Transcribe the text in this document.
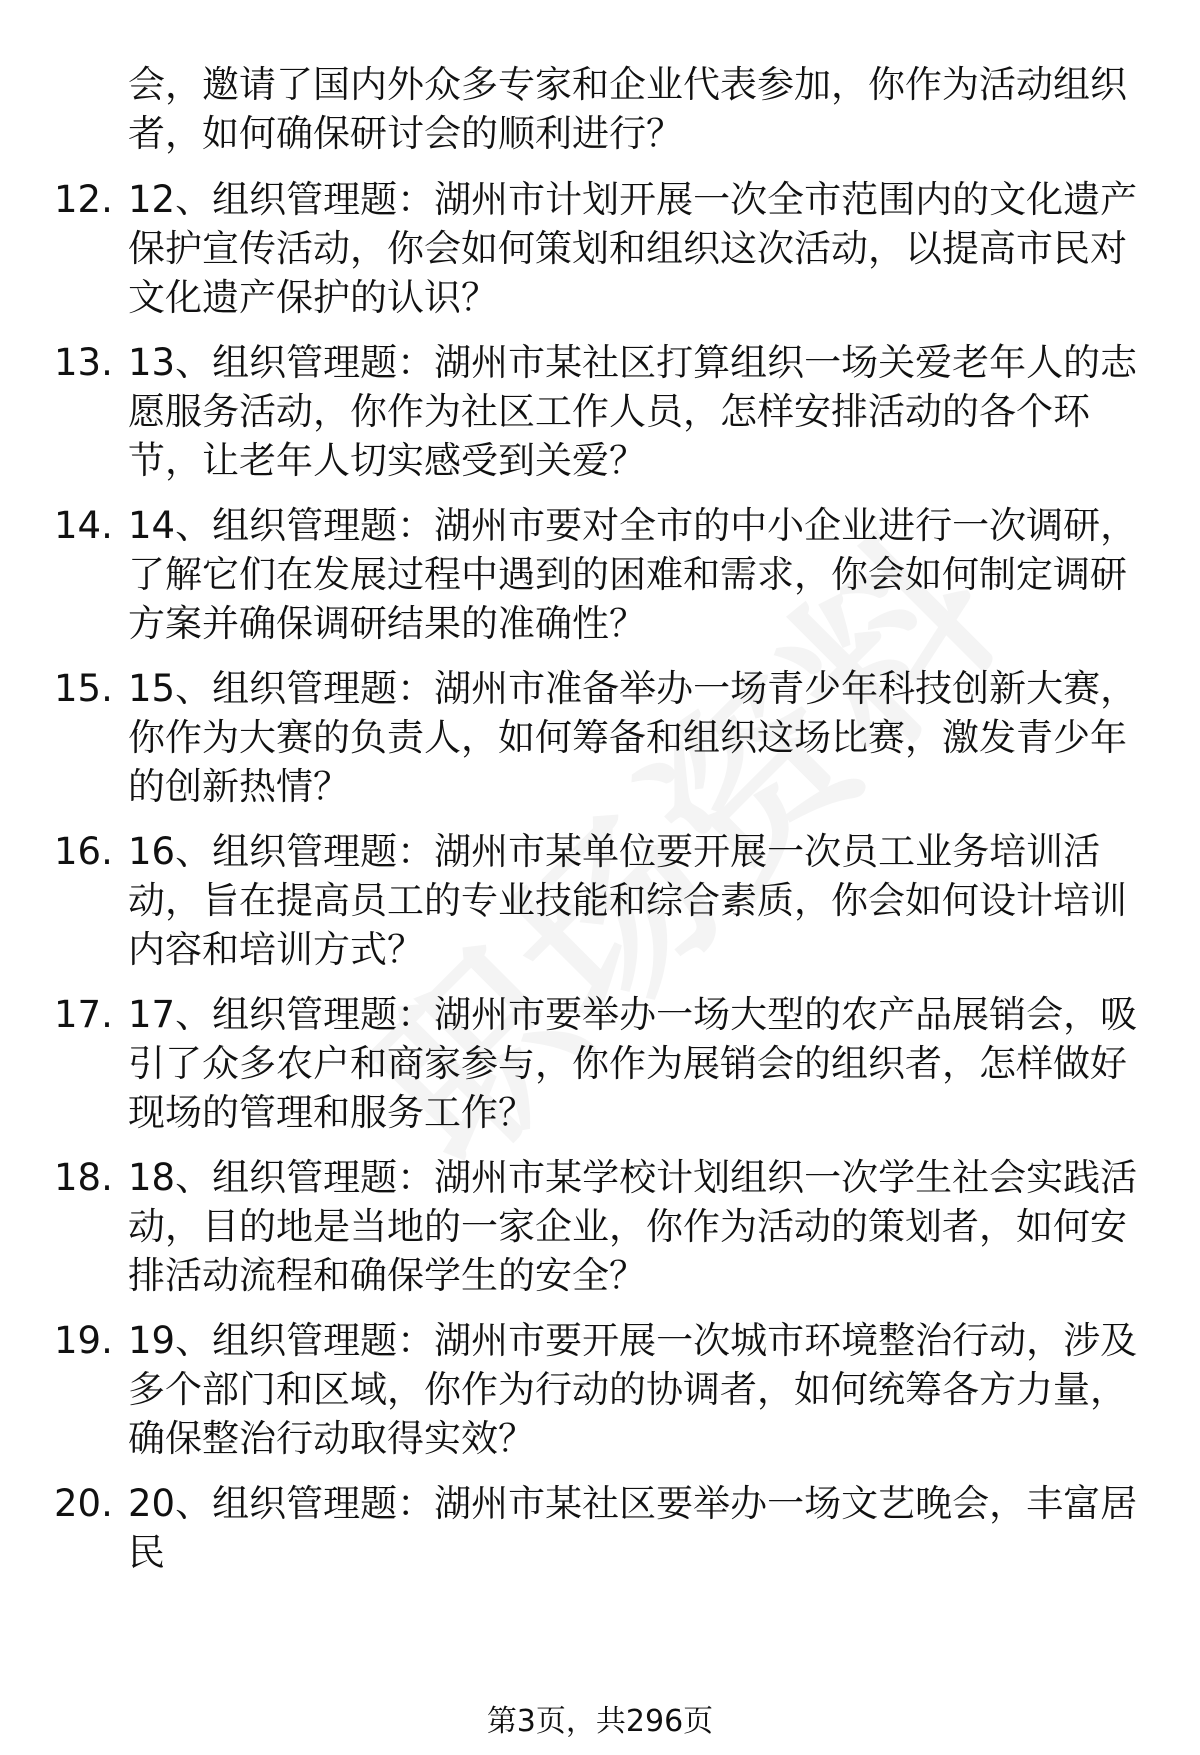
会，邀请了国内外众多专家和企业代表参加，你作为活动组织者，如何确保研讨会的顺利进行？
12. 12、组织管理题：湖州市计划开展一次全市范围内的文化遗产保护宣传活动，你会如何策划和组织这次活动，以提高市民对文化遗产保护的认识？
13. 13、组织管理题：湖州市某社区打算组织一场关爱老年人的志愿服务活动，你作为社区工作人员，怎样安排活动的各个环节，让老年人切实感受到关爱？
14. 14、组织管理题：湖州市要对全市的中小企业进行一次调研，了解它们在发展过程中遇到的困难和需求，你会如何制定调研方案并确保调研结果的准确性？
15. 15、组织管理题：湖州市准备举办一场青少年科技创新大赛，你作为大赛的负责人，如何筹备和组织这场比赛，激发青少年的创新热情？
16. 16、组织管理题：湖州市某单位要开展一次员工业务培训活动，旨在提高员工的专业技能和综合素质，你会如何设计培训内容和培训方式？
17. 17、组织管理题：湖州市要举办一场大型的农产品展销会，吸引了众多农户和商家参与，你作为展销会的组织者，怎样做好现场的管理和服务工作？
18. 18、组织管理题：湖州市某学校计划组织一次学生社会实践活动，目的地是当地的一家企业，你作为活动的策划者，如何安排活动流程和确保学生的安全？
19. 19、组织管理题：湖州市要开展一次城市环境整治行动，涉及多个部门和区域，你作为行动的协调者，如何统筹各方力量，确保整治行动取得实效？
20. 20、组织管理题：湖州市某社区要举办一场文艺晚会，丰富居民
第3页，共296页
